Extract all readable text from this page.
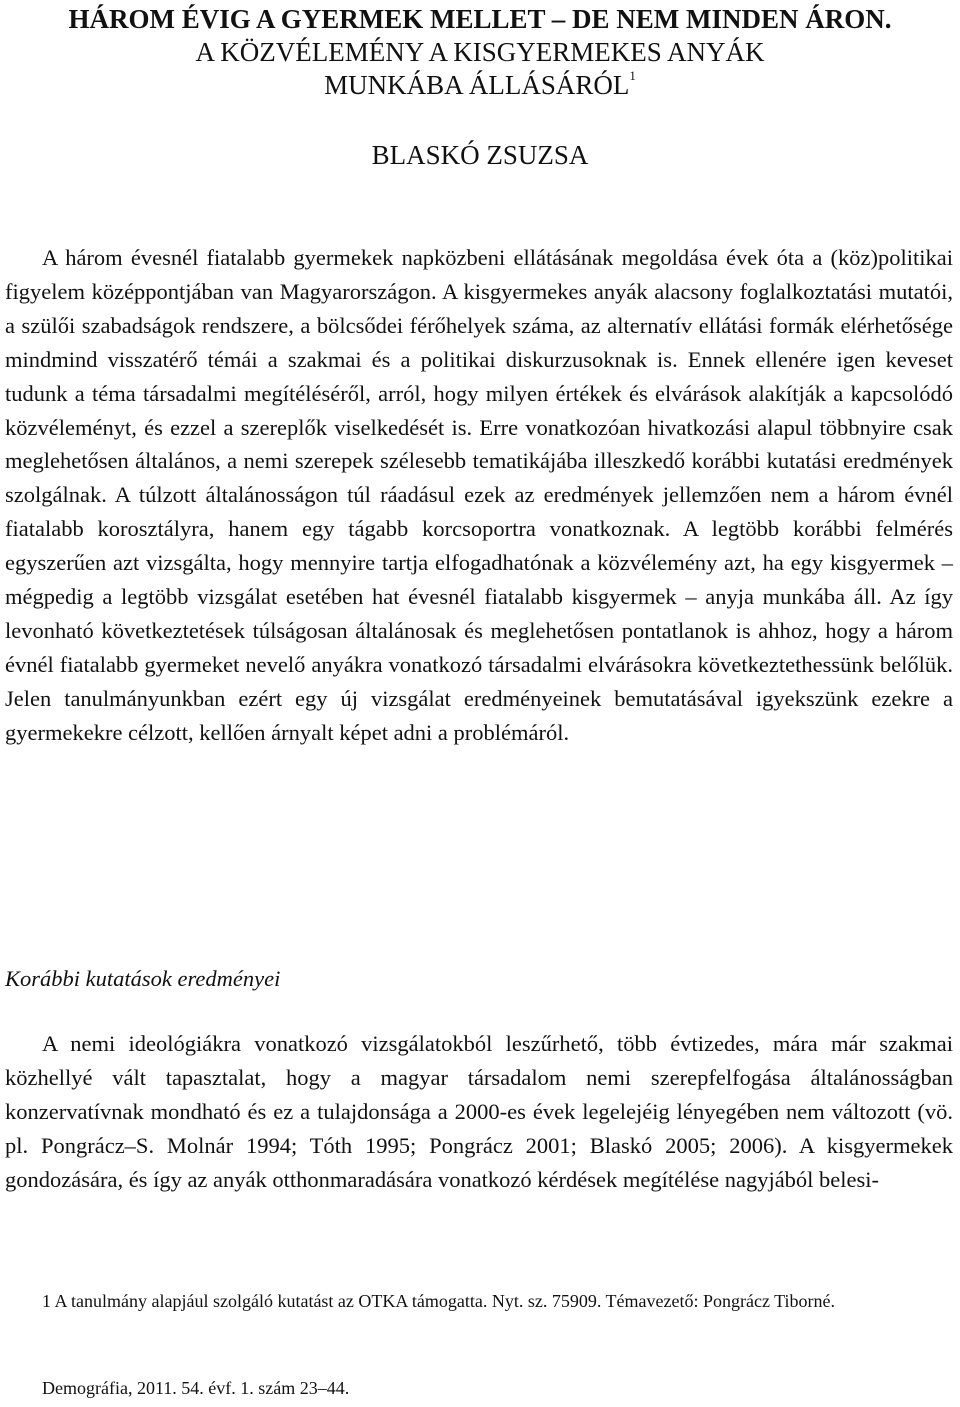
HÁROM ÉVIG A GYERMEK MELLET – DE NEM MINDEN ÁRON.
A KÖZVÉLEMÉNY A KISGYERMEKES ANYÁK
MUNKÁBA ÁLLÁSÁRÓL$^1$

BLASKÓ ZSUZSA

A három évesnél fiatalabb gyermekek napközbeni ellátásának megoldása évek óta a (köz)politikai figyelem középpontjában van Magyarországon. A kisgyermekes anyák alacsony foglalkoztatási mutatói, a szülői szabadságok rendszere, a bölcsődei férőhelyek száma, az alternatív ellátási formák elérhetősége mindmind visszatérő témái a szakmai és a politikai diskurzusoknak is. Ennek ellenére igen keveset tudunk a téma társadalmi megítéléséről, arról, hogy milyen értékek és elvárások alakítják a kapcsolódó közvéleményt, és ezzel a szereplők viselkedését is. Erre vonatkozóan hivatkozási alapul többnyire csak meglehetősen általános, a nemi szerepek szélesebb tematikájába illeszkedő korábbi kutatási eredmények szolgálnak. A túlzott általánosságon túl ráadásul ezek az eredmények jellemzően nem a három évnél fiatalabb korosztályra, hanem egy tágabb korcsoportra vonatkoznak. A legtöbb korábbi felmérés egyszerűen azt vizsgálta, hogy mennyire tartja elfogadhatónak a közvélemény azt, ha egy kisgyermek – mégpedig a legtöbb vizsgálat esetében hat évesnél fiatalabb kisgyermek – anyja munkába áll. Az így levonható következtetések túlságosan általánosak és meglehetősen pontatlanok is ahhoz, hogy a három évnél fiatalabb gyermeket nevelő anyákra vonatkozó társadalmi elvárásokra következtethessünk belőlük. Jelen tanulmányunkban ezért egy új vizsgálat eredményeinek bemutatásával igyekszünk ezekre a gyermekekre célzott, kellően árnyalt képet adni a problémáról.

Korábbi kutatások eredményei

A nemi ideológiákra vonatkozó vizsgálatokból leszűrhető, több évtizedes, mára már szakmai közhellyé vált tapasztalat, hogy a magyar társadalom nemi szerepfelfogása általánosságban konzervatívnak mondható és ez a tulajdonsága a 2000-es évek legelejéig lényegében nem változott (vö. pl. Pongrácz–S. Molnár 1994; Tóth 1995; Pongrácz 2001; Blaskó 2005; 2006). A kisgyermekek gondozására, és így az anyák otthonmaradására vonatkozó kérdések megítélése nagyjából belesi-

1 A tanulmány alapjául szolgáló kutatást az OTKA támogatta. Nyt. sz. 75909. Témavezető: Pongrácz Tiborné.

Demográfia, 2011. 54. évf. 1. szám 23–44.
